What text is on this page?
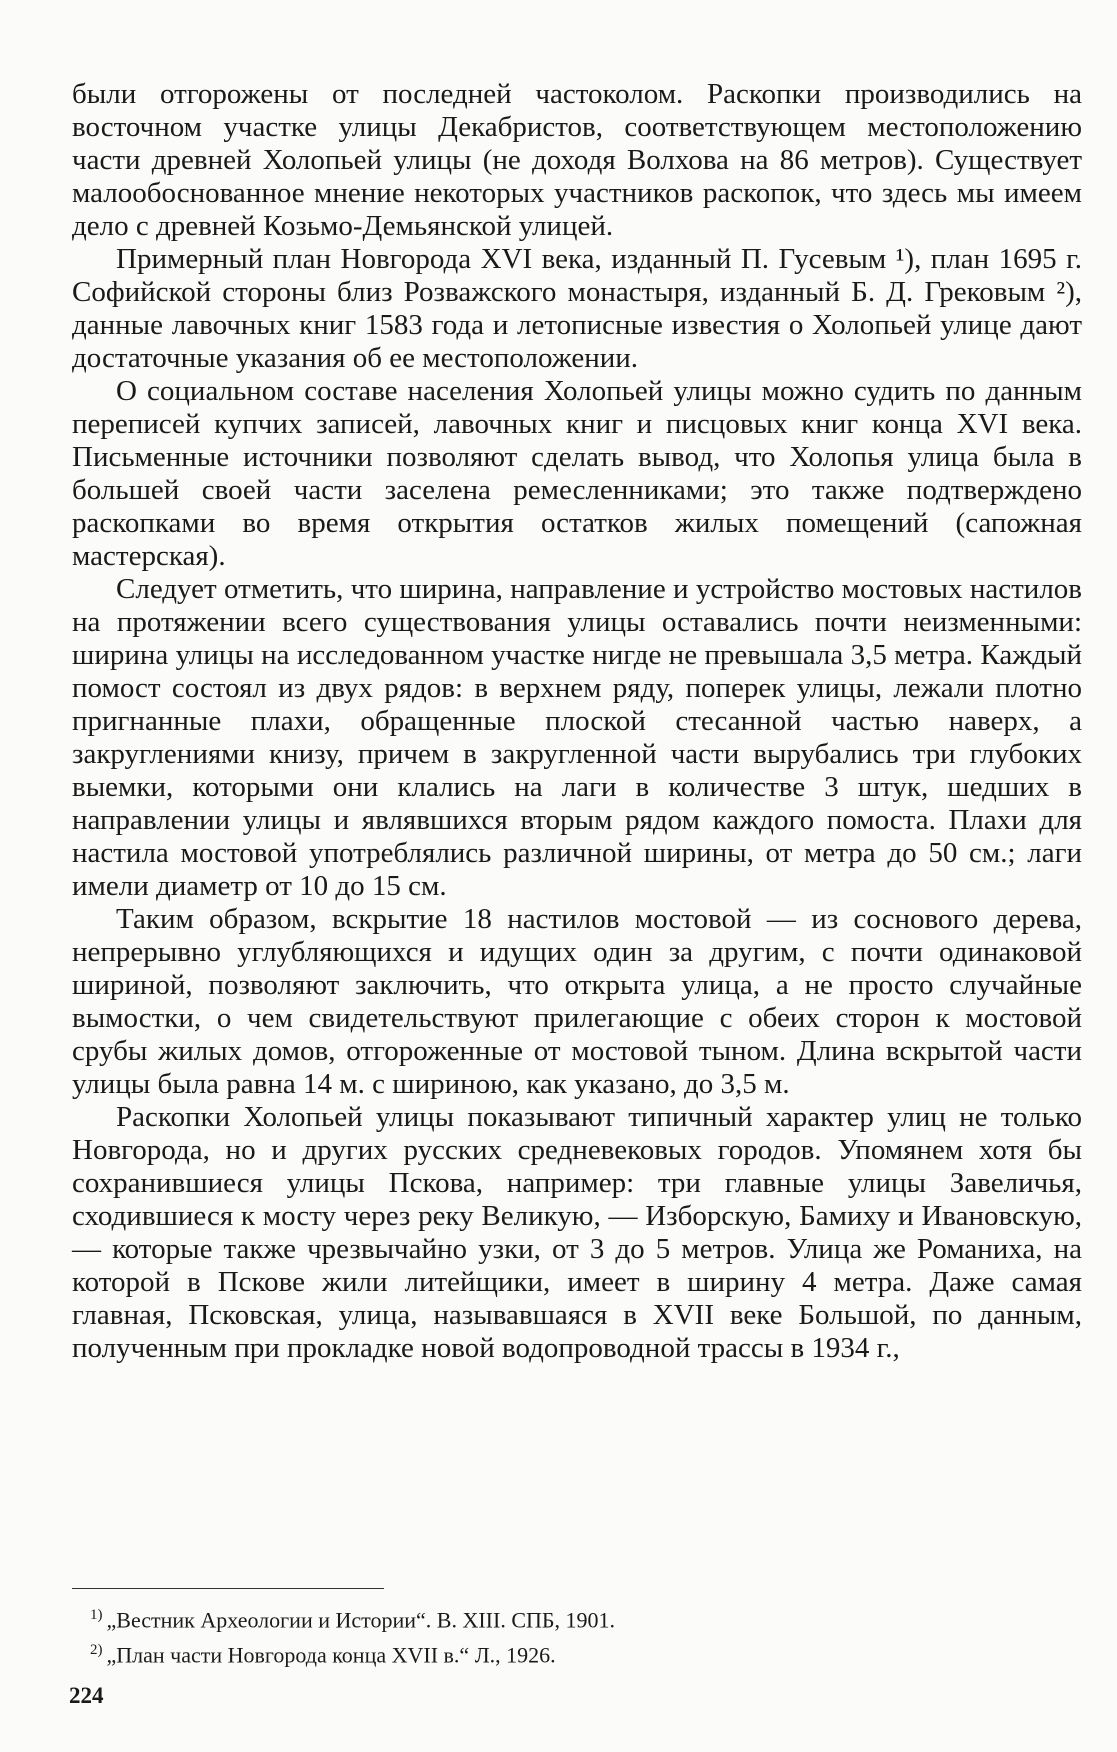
были отгорожены от последней частоколом. Раскопки производились на восточном участке улицы Декабристов, соответствующем местоположению части древней Холопьей улицы (не доходя Волхова на 86 метров). Существует малообоснованное мнение некоторых участников раскопок, что здесь мы имеем дело с древней Козьмо-Демьянской улицей.

Примерный план Новгорода XVI века, изданный П. Гусевым ¹), план 1695 г. Софийской стороны близ Розважского монастыря, изданный Б. Д. Грековым ²), данные лавочных книг 1583 года и летописные известия о Холопьей улице дают достаточные указания об ее местоположении.

О социальном составе населения Холопьей улицы можно судить по данным переписей купчих записей, лавочных книг и писцовых книг конца XVI века. Письменные источники позволяют сделать вывод, что Холопья улица была в большей своей части заселена ремесленниками; это также подтверждено раскопками во время открытия остатков жилых помещений (сапожная мастерская).

Следует отметить, что ширина, направление и устройство мостовых настилов на протяжении всего существования улицы оставались почти неизменными: ширина улицы на исследованном участке нигде не превышала 3,5 метра. Каждый помост состоял из двух рядов: в верхнем ряду, поперек улицы, лежали плотно пригнанные плахи, обращенные плоской стесанной частью наверх, а закруглениями книзу, причем в закругленной части вырубались три глубоких выемки, которыми они клались на лаги в количестве 3 штук, шедших в направлении улицы и являвшихся вторым рядом каждого помоста. Плахи для настила мостовой употреблялись различной ширины, от метра до 50 см.; лаги имели диаметр от 10 до 15 см.

Таким образом, вскрытие 18 настилов мостовой — из соснового дерева, непрерывно углубляющихся и идущих один за другим, с почти одинаковой шириной, позволяют заключить, что открыта улица, а не просто случайные вымостки, о чем свидетельствуют прилегающие с обеих сторон к мостовой срубы жилых домов, отгороженные от мостовой тыном. Длина вскрытой части улицы была равна 14 м. с шириною, как указано, до 3,5 м.

Раскопки Холопьей улицы показывают типичный характер улиц не только Новгорода, но и других русских средневековых городов. Упомянем хотя бы сохранившиеся улицы Пскова, например: три главные улицы Завеличья, сходившиеся к мосту через реку Великую, — Изборскую, Бамиху и Ивановскую, — которые также чрезвычайно узки, от 3 до 5 метров. Улица же Романиха, на которой в Пскове жили литейщики, имеет в ширину 4 метра. Даже самая главная, Псковская, улица, называвшаяся в XVII веке Большой, по данным, полученным при прокладке новой водопроводной трассы в 1934 г.,

$^{1)}$ „Вестник Археологии и Истории“. В. XIII. СПБ, 1901.

$^{2)}$ „План части Новгорода конца XVII в.“ Л., 1926.

224
